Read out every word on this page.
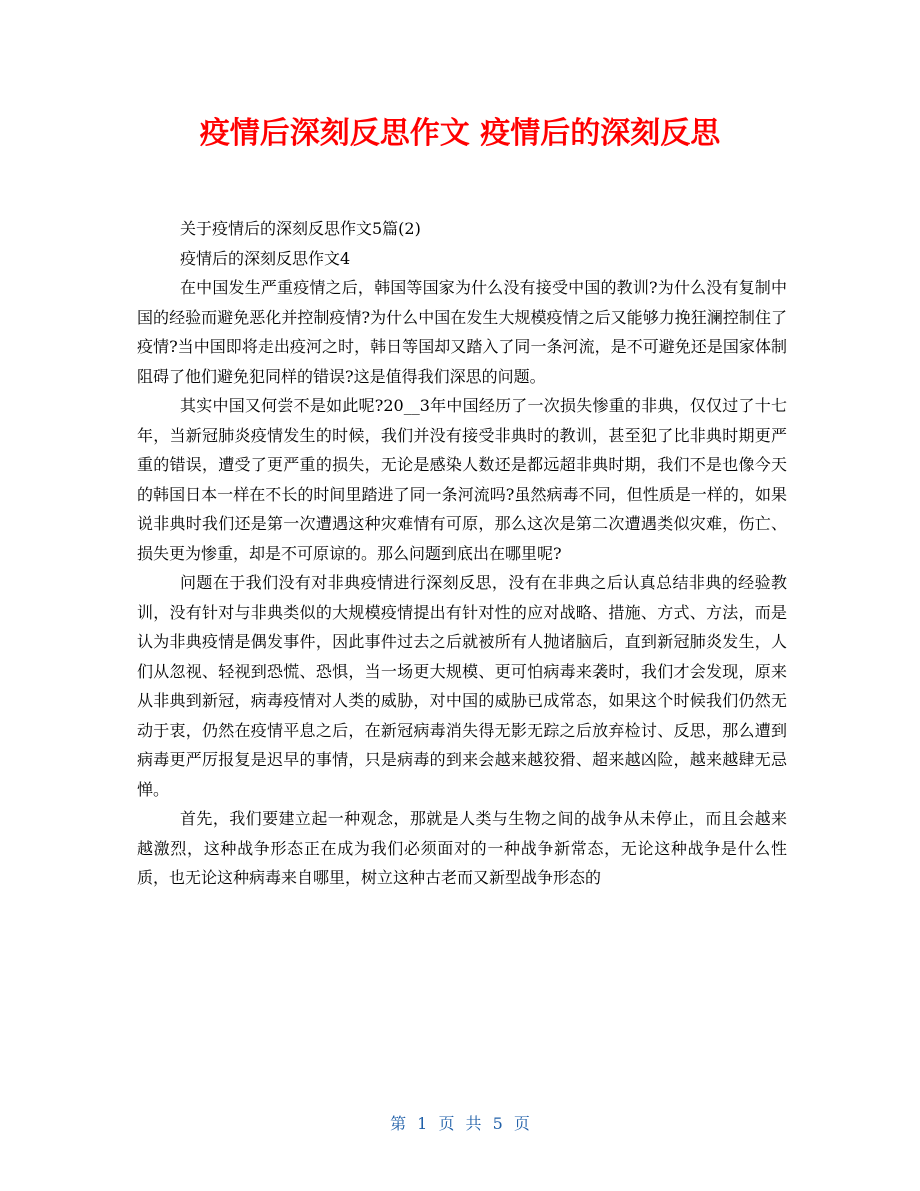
疫情后深刻反思作文 疫情后的深刻反思

关于疫情后的深刻反思作文5篇(2)

疫情后的深刻反思作文4

在中国发生严重疫情之后，韩国等国家为什么没有接受中国的教训?为什么没有复制中国的经验而避免恶化并控制疫情?为什么中国在发生大规模疫情之后又能够力挽狂澜控制住了疫情?当中国即将走出疫河之时，韩日等国却又踏入了同一条河流，是不可避免还是国家体制阻碍了他们避免犯同样的错误?这是值得我们深思的问题。

其实中国又何尝不是如此呢?20__3年中国经历了一次损失惨重的非典，仅仅过了十七年，当新冠肺炎疫情发生的时候，我们并没有接受非典时的教训，甚至犯了比非典时期更严重的错误，遭受了更严重的损失，无论是感染人数还是都远超非典时期，我们不是也像今天的韩国日本一样在不长的时间里踏进了同一条河流吗?虽然病毒不同，但性质是一样的，如果说非典时我们还是第一次遭遇这种灾难情有可原，那么这次是第二次遭遇类似灾难，伤亡、损失更为惨重，却是不可原谅的。那么问题到底出在哪里呢?

问题在于我们没有对非典疫情进行深刻反思，没有在非典之后认真总结非典的经验教训，没有针对与非典类似的大规模疫情提出有针对性的应对战略、措施、方式、方法，而是认为非典疫情是偶发事件，因此事件过去之后就被所有人抛诸脑后，直到新冠肺炎发生，人们从忽视、轻视到恐慌、恐惧，当一场更大规模、更可怕病毒来袭时，我们才会发现，原来从非典到新冠，病毒疫情对人类的威胁，对中国的威胁已成常态，如果这个时候我们仍然无动于衷，仍然在疫情平息之后，在新冠病毒消失得无影无踪之后放弃检讨、反思，那么遭到病毒更严厉报复是迟早的事情，只是病毒的到来会越来越狡猾、超来越凶险，越来越肆无忌惮。

首先，我们要建立起一种观念，那就是人类与生物之间的战争从未停止，而且会越来越激烈，这种战争形态正在成为我们必须面对的一种战争新常态，无论这种战争是什么性质，也无论这种病毒来自哪里，树立这种古老而又新型战争形态的

第 1 页 共 5 页
